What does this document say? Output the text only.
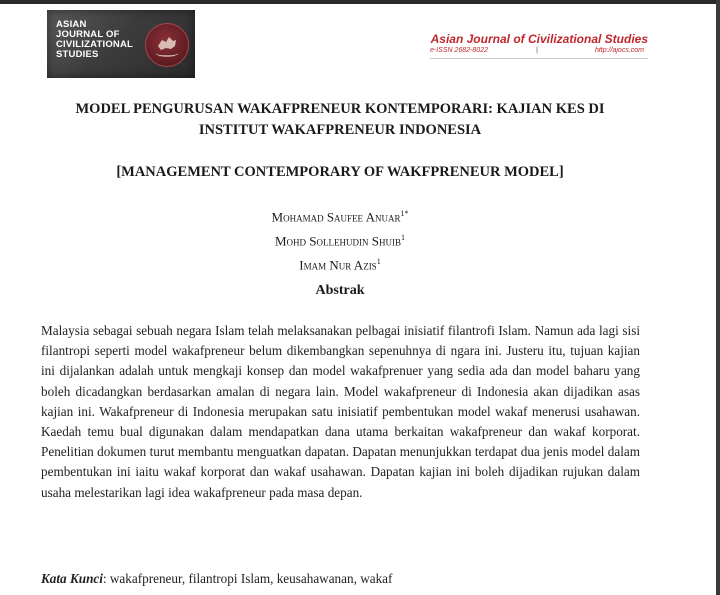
ASIAN
JOURNAL OF
CIVILIZATIONAL
STUDIES
Asian Journal of Civilizational Studies
e-ISSN 2682-8022	|	http://ajocs.com
MODEL PENGURUSAN WAKAFPRENEUR KONTEMPORARI: KAJIAN KES DI
INSTITUT WAKAFPRENEUR INDONESIA
[MANAGEMENT CONTEMPORARY OF WAKFPRENEUR MODEL]
Mohamad Saufee Anuar$^{1*}$
Mohd Sollehudin Shuib$^1$
Imam Nur Azis$^1$
Abstrak
Malaysia sebagai sebuah negara Islam telah melaksanakan pelbagai inisiatif filantrofi Islam. Namun ada lagi sisi filantropi seperti model wakafpreneur belum dikembangkan sepenuhnya di ngara ini. Justeru itu, tujuan kajian ini dijalankan adalah untuk mengkaji konsep dan model wakafprenuer yang sedia ada dan model baharu yang boleh dicadangkan berdasarkan amalan di negara lain. Model wakafpreneur di Indonesia akan dijadikan asas kajian ini. Wakafpreneur di Indonesia merupakan satu inisiatif pembentukan model wakaf menerusi usahawan. Kaedah temu bual digunakan dalam mendapatkan dana utama berkaitan wakafpreneur dan wakaf korporat. Penelitian dokumen turut membantu menguatkan dapatan. Dapatan menunjukkan terdapat dua jenis model dalam pembentukan ini iaitu wakaf korporat dan wakaf usahawan. Dapatan kajian ini boleh dijadikan rujukan dalam usaha melestarikan lagi idea wakafpreneur pada masa depan.
Kata Kunci: wakafpreneur, filantropi Islam, keusahawanan, wakaf
